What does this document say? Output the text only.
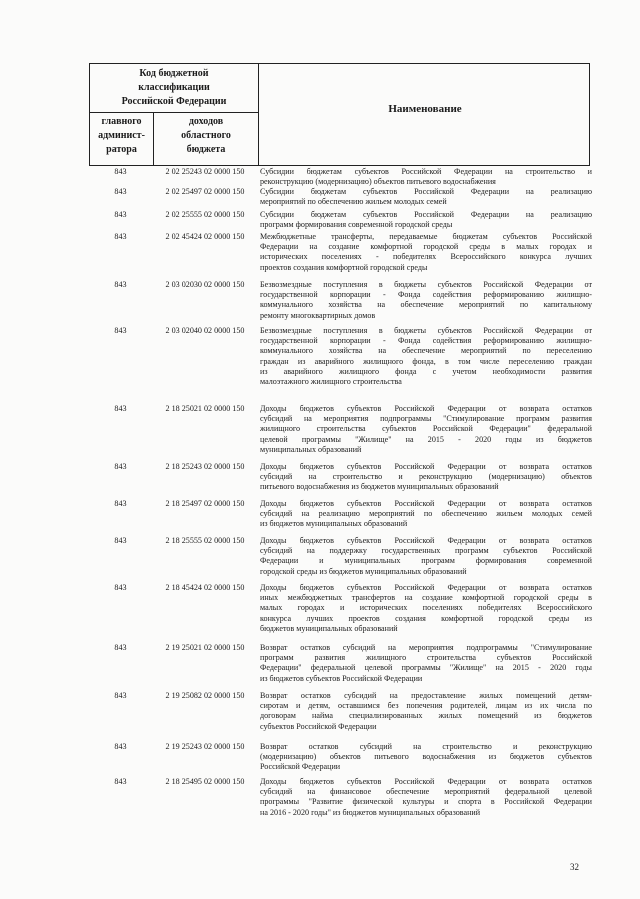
Код бюджетной
классификации
Российской Федерации
главного
админист-
ратора
доходов
областного
бюджета
Наименование
843	2 02 25243 02 0000 150	Субсидии бюджетам субъектов Российской Федерации на строительство и
реконструкцию (модернизацию) объектов питьевого водоснабжения
843	2 02 25497 02 0000 150	Субсидии бюджетам субъектов Российской Федерации на реализацию
мероприятий по обеспечению жильем молодых семей
843	2 02 25555 02 0000 150	Субсидии бюджетам субъектов Российской Федерации на реализацию
программ формирования современной городской среды
843	2 02 45424 02 0000 150	Межбюджетные трансферты, передаваемые бюджетам субъектов Российской
Федерации на создание комфортной городской среды в малых городах и
исторических поселениях - победителях Всероссийского конкурса лучших
проектов создания комфортной городской среды
843	2 03 02030 02 0000 150	Безвозмездные поступления в бюджеты субъектов Российской Федерации от
государственной корпорации - Фонда содействия реформированию жилищно-
коммунального хозяйства на обеспечение мероприятий по капитальному
ремонту многоквартирных домов
843	2 03 02040 02 0000 150	Безвозмездные поступления в бюджеты субъектов Российской Федерации от
государственной корпорации - Фонда содействия реформированию жилищно-
коммунального хозяйства на обеспечение мероприятий по переселению
граждан из аварийного жилищного фонда, в том числе переселению граждан
из аварийного жилищного фонда с учетом необходимости развития
малоэтажного жилищного строительства
843	2 18 25021 02 0000 150	Доходы бюджетов субъектов Российской Федерации от возврата остатков
субсидий на мероприятия подпрограммы "Стимулирование программ развития
жилищного строительства субъектов Российской Федерации" федеральной
целевой программы "Жилище" на 2015 - 2020 годы из бюджетов
муниципальных образований
843	2 18 25243 02 0000 150	Доходы бюджетов субъектов Российской Федерации от возврата остатков
субсидий на строительство и реконструкцию (модернизацию) объектов
питьевого водоснабжения из бюджетов муниципальных образований
843	2 18 25497 02 0000 150	Доходы бюджетов субъектов Российской Федерации от возврата остатков
субсидий на реализацию мероприятий по обеспечению жильем молодых семей
из бюджетов муниципальных образований
843	2 18 25555 02 0000 150	Доходы бюджетов субъектов Российской Федерации от возврата остатков
субсидий на поддержку государственных программ субъектов Российской
Федерации и муниципальных программ формирования современной
городской среды из бюджетов муниципальных образований
843	2 18 45424 02 0000 150	Доходы бюджетов субъектов Российской Федерации от возврата остатков
иных межбюджетных трансфертов на создание комфортной городской среды в
малых городах и исторических поселениях победителях Всероссийского
конкурса лучших проектов создания комфортной городской среды из
бюджетов муниципальных образований
843	2 19 25021 02 0000 150	Возврат остатков субсидий на мероприятия подпрограммы "Стимулирование
программ развития жилищного строительства субъектов Российской
Федерации" федеральной целевой программы "Жилище" на 2015 - 2020 годы
из бюджетов субъектов Российской Федерации
843	2 19 25082 02 0000 150	Возврат остатков субсидий на предоставление жилых помещений детям-
сиротам и детям, оставшимся без попечения родителей, лицам из их числа по
договорам найма специализированных жилых помещений из бюджетов
субъектов Российской Федерации
843	2 19 25243 02 0000 150	Возврат остатков субсидий на строительство и реконструкцию
(модернизацию) объектов питьевого водоснабжения из бюджетов субъектов
Российской Федерации
843	2 18 25495 02 0000 150	Доходы бюджетов субъектов Российской Федерации от возврата остатков
субсидий на финансовое обеспечение мероприятий федеральной целевой
программы "Развитие физической культуры и спорта в Российской Федерации
на 2016 - 2020 годы" из бюджетов муниципальных образований
32
